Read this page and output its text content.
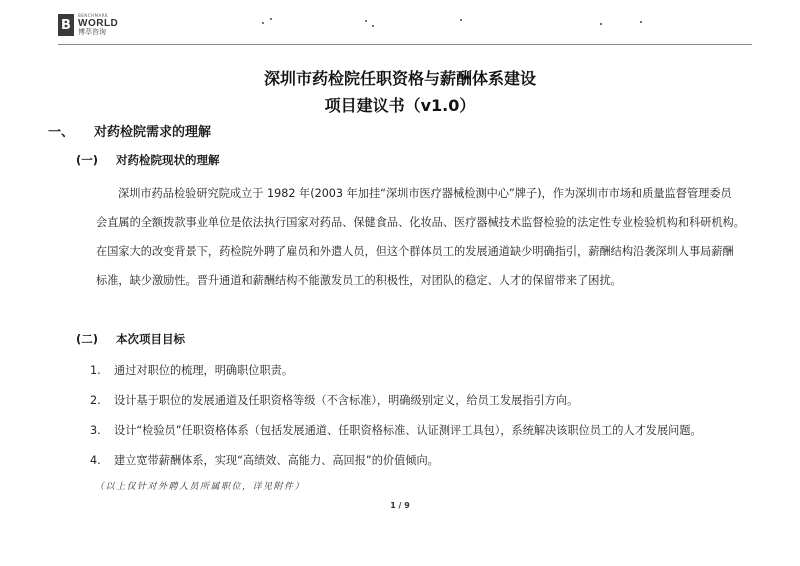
B
BENCHMARK
WORLD
博萃咨询
深圳市药检院任职资格与薪酬体系建设
项目建议书（v1.0）
一、 对药检院需求的理解
(一) 对药检院现状的理解
深圳市药品检验研究院成立于 1982 年(2003 年加挂“深圳市医疗器械检测中心”牌子)，作为深圳市市场和质量监督管理委员
会直属的全额拨款事业单位是依法执行国家对药品、保健食品、化妆品、医疗器械技术监督检验的法定性专业检验机构和科研机构。
在国家大的改变背景下，药检院外聘了雇员和外遣人员，但这个群体员工的发展通道缺少明确指引，薪酬结构沿袭深圳人事局薪酬
标准，缺少激励性。晋升通道和薪酬结构不能激发员工的积极性，对团队的稳定、人才的保留带来了困扰。
(二) 本次项目目标
1.	通过对职位的梳理，明确职位职责。
2.	设计基于职位的发展通道及任职资格等级（不含标准），明确级别定义，给员工发展指引方向。
3.	设计“检验员”任职资格体系（包括发展通道、任职资格标准、认证测评工具包），系统解决该职位员工的人才发展问题。
4.	建立宽带薪酬体系，实现“高绩效、高能力、高回报”的价值倾向。
（以上仅针对外聘人员所属职位，详见附件）
1 / 9
